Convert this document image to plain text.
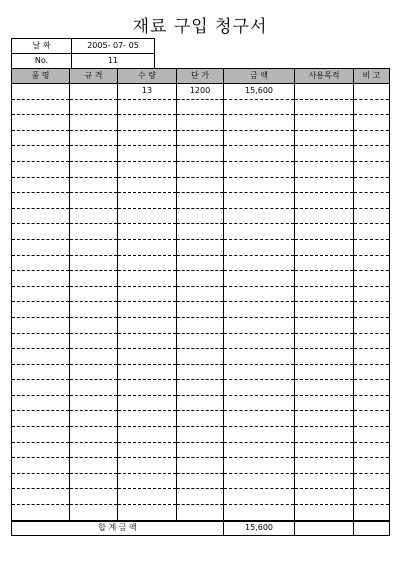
재료 구입 청구서
날 짜	2005- 07- 05
No.	11
품 명	규 격	수 량	단 가	금 액	사용목적	비 고
		13	1200	15,600		

합 계 금 액				15,600		
